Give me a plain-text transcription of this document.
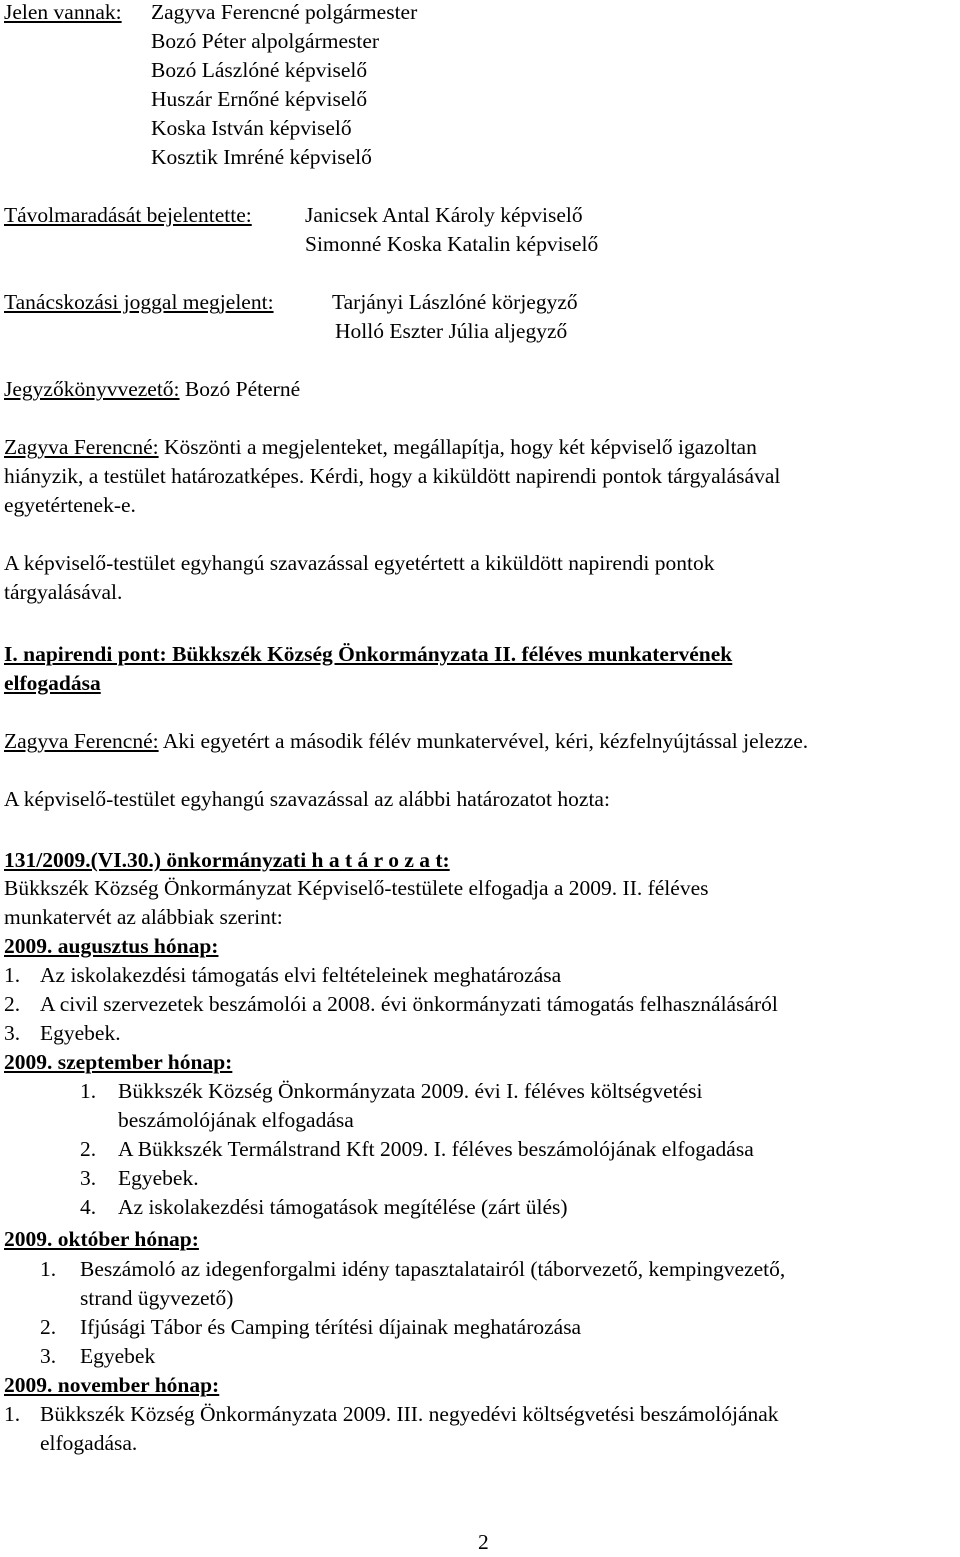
Jelen vannak: Zagyva Ferencné polgármester
Bozó Péter alpolgármester
Bozó Lászlóné képviselő
Huszár Ernőné képviselő
Koska István képviselő
Kosztik Imréné képviselő
Távolmaradását bejelentette: Janicsek Antal Károly képviselő
Simonné Koska Katalin képviselő
Tanácskozási joggal megjelent:	Tarjányi Lászlóné körjegyző
Holló Eszter Júlia aljegyző
Jegyzőkönyvvezető: Bozó Péterné
Zagyva Ferencné: Köszönti a megjelenteket, megállapítja, hogy két képviselő igazoltan
hiányzik, a testület határozatképes. Kérdi, hogy a kiküldött napirendi pontok tárgyalásával
egyetértenek-e.
A képviselő-testület egyhangú szavazással egyetértett a kiküldött napirendi pontok
tárgyalásával.
I. napirendi pont: Bükkszék Község Önkormányzata II. féléves munkatervének
elfogadása
Zagyva Ferencné: Aki egyetért a második félév munkatervével, kéri, kézfelnyújtással jelezze.
A képviselő-testület egyhangú szavazással az alábbi határozatot hozta:
131/2009.(VI.30.) önkormányzati h a t á r o z a t:
Bükkszék Község Önkormányzat Képviselő-testülete elfogadja a 2009. II. féléves
munkatervét az alábbiak szerint:
2009. augusztus hónap:
1. Az iskolakezdési támogatás elvi feltételeinek meghatározása
2. A civil szervezetek beszámolói a 2008. évi önkormányzati támogatás felhasználásáról
3. Egyebek.
2009. szeptember hónap:
1. Bükkszék Község Önkormányzata 2009. évi I. féléves költségvetési
beszámolójának elfogadása
2. A Bükkszék Termálstrand Kft 2009. I. féléves beszámolójának elfogadása
3. Egyebek.
4. Az iskolakezdési támogatások megítélése (zárt ülés)
2009. október hónap:
1. Beszámoló az idegenforgalmi idény tapasztalatairól (táborvezető, kempingvezető,
strand ügyvezető)
2. Ifjúsági Tábor és Camping térítési díjainak meghatározása
3. Egyebek
2009. november hónap:
1. Bükkszék Község Önkormányzata 2009. III. negyedévi költségvetési beszámolójának
elfogadása.
2
